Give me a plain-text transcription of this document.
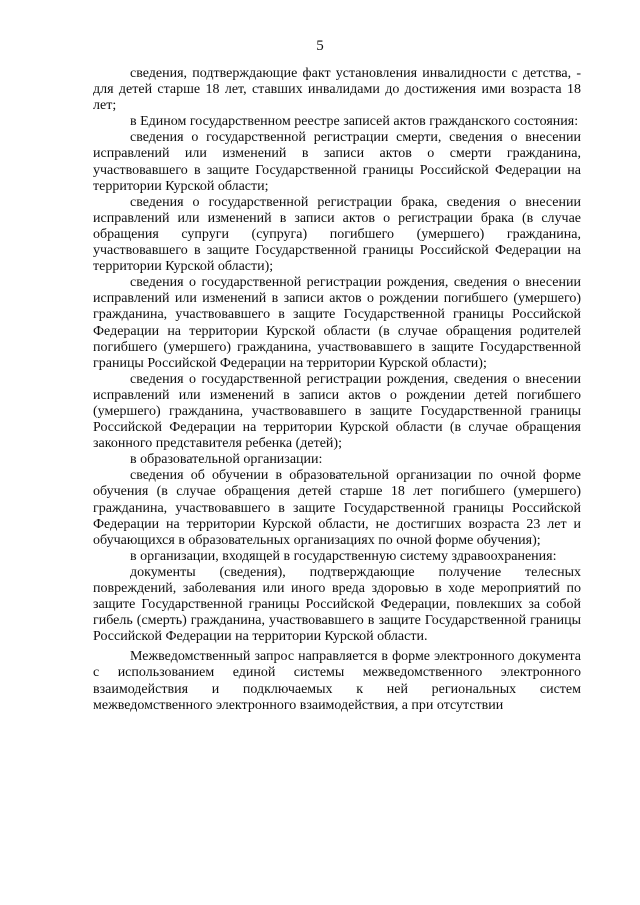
5

сведения, подтверждающие факт установления инвалидности с детства, - для детей старше 18 лет, ставших инвалидами до достижения ими возраста 18 лет;

в Едином государственном реестре записей актов гражданского состояния:

сведения о государственной регистрации смерти, сведения о внесении исправлений или изменений в записи актов о смерти гражданина, участвовавшего в защите Государственной границы Российской Федерации на территории Курской области;

сведения о государственной регистрации брака, сведения о внесении исправлений или изменений в записи актов о регистрации брака (в случае обращения супруги (супруга) погибшего (умершего) гражданина, участвовавшего в защите Государственной границы Российской Федерации на территории Курской области);

сведения о государственной регистрации рождения, сведения о внесении исправлений или изменений в записи актов о рождении погибшего (умершего) гражданина, участвовавшего в защите Государственной границы Российской Федерации на территории Курской области (в случае обращения родителей погибшего (умершего) гражданина, участвовавшего в защите Государственной границы Российской Федерации на территории Курской области);

сведения о государственной регистрации рождения, сведения о внесении исправлений или изменений в записи актов о рождении детей погибшего (умершего) гражданина, участвовавшего в защите Государственной границы Российской Федерации на территории Курской области (в случае обращения законного представителя ребенка (детей);

в образовательной организации:

сведения об обучении в образовательной организации по очной форме обучения (в случае обращения детей старше 18 лет погибшего (умершего) гражданина, участвовавшего в защите Государственной границы Российской Федерации на территории Курской области, не достигших возраста 23 лет и обучающихся в образовательных организациях по очной форме обучения);

в организации, входящей в государственную систему здравоохранения:

документы (сведения), подтверждающие получение телесных повреждений, заболевания или иного вреда здоровью в ходе мероприятий по защите Государственной границы Российской Федерации, повлекших за собой гибель (смерть) гражданина, участвовавшего в защите Государственной границы Российской Федерации на территории Курской области.

Межведомственный запрос направляется в форме электронного документа с использованием единой системы межведомственного электронного взаимодействия и подключаемых к ней региональных систем межведомственного электронного взаимодействия, а при отсутствии
